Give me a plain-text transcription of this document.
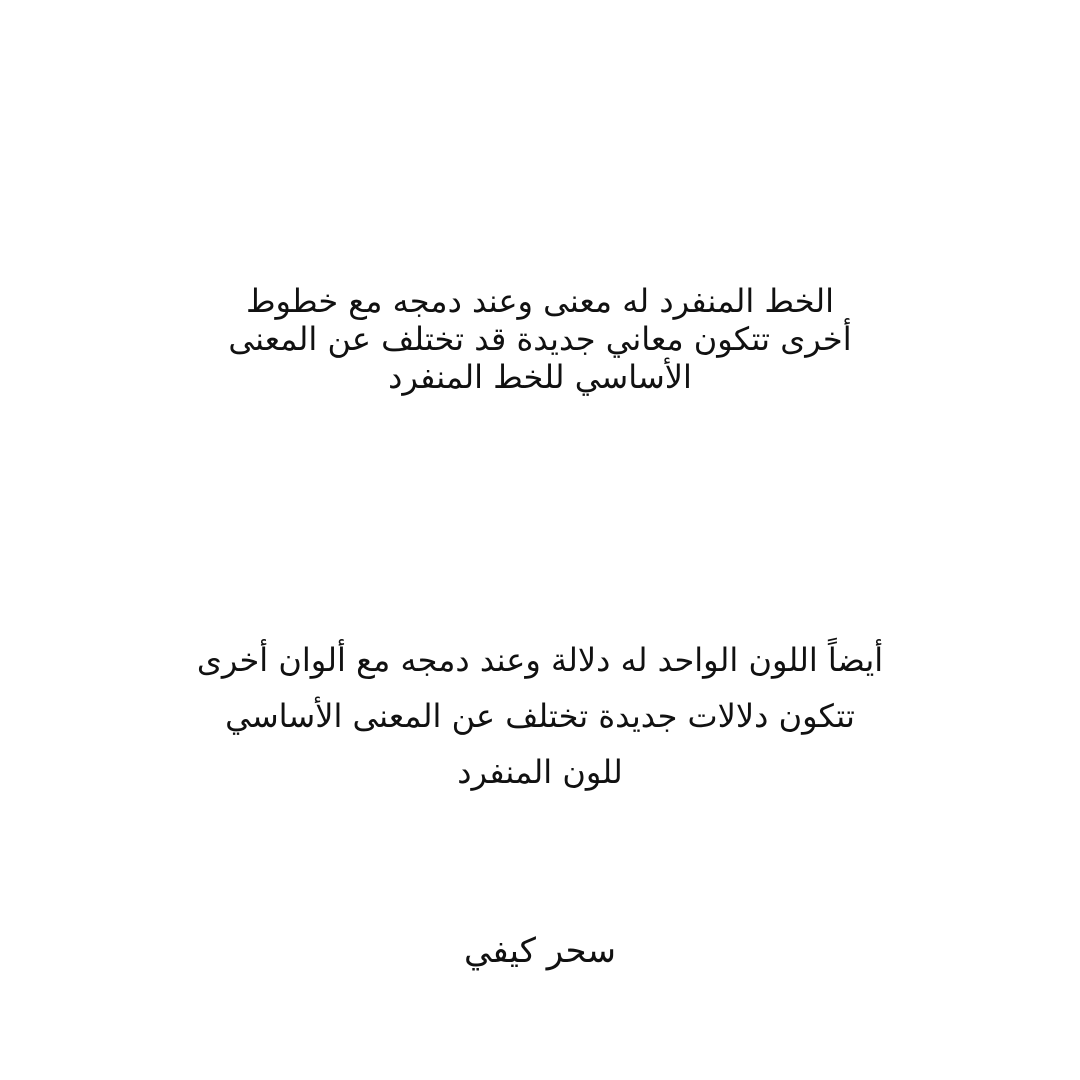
الخط المنفرد له معنى وعند دمجه مع خطوط
أخرى تتكون معاني جديدة قد تختلف عن المعنى
الأساسي للخط المنفرد
أيضاً اللون الواحد له دلالة وعند دمجه مع ألوان أخرى
تتكون دلالات جديدة تختلف عن المعنى الأساسي
للون المنفرد
سحر كيفي
